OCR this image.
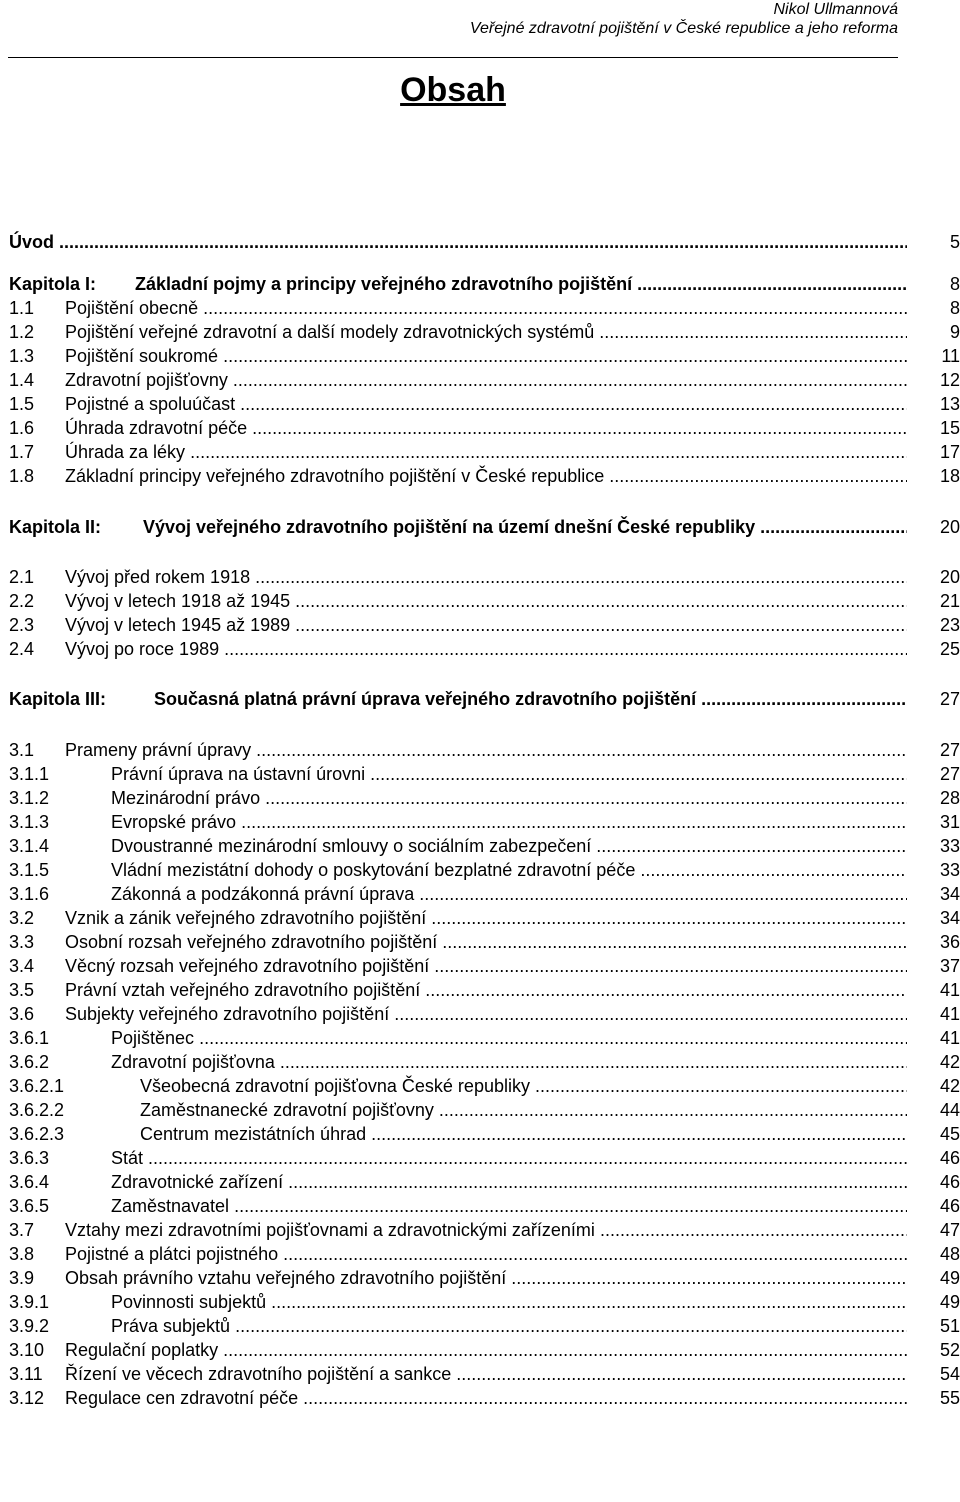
Nikol Ullmannová
Veřejné zdravotní pojištění v České republice a jeho reforma
Obsah
Úvod .....	5
Kapitola I: Základní pojmy a principy veřejného zdravotního pojištění .....	8
1.1 Pojištění obecně .....	8
1.2 Pojištění veřejné zdravotní a další modely zdravotnických systémů .....	9
1.3 Pojištění soukromé .....	11
1.4 Zdravotní pojišťovny .....	12
1.5 Pojistné a spoluúčast .....	13
1.6 Úhrada zdravotní péče .....	15
1.7 Úhrada za léky .....	17
1.8 Základní principy veřejného zdravotního pojištění v České republice .....	18
Kapitola II: Vývoj veřejného zdravotního pojištění na území dnešní České republiky .....	20
2.1 Vývoj před rokem 1918 .....	20
2.2 Vývoj v letech 1918 až 1945 .....	21
2.3 Vývoj v letech 1945 až 1989 .....	23
2.4 Vývoj po roce 1989 .....	25
Kapitola III:	Současná platná právní úprava veřejného zdravotního pojištění .....	27
3.1 Prameny právní úpravy .....	27
3.1.1	Právní úprava na ústavní úrovni .....	27
3.1.2	Mezinárodní právo .....	28
3.1.3	Evropské právo .....	31
3.1.4	Dvoustranné mezinárodní smlouvy o sociálním zabezpečení .....	33
3.1.5	Vládní mezistátní dohody o poskytování bezplatné zdravotní péče .....	33
3.1.6	Zákonná a podzákonná právní úprava .....	34
3.2 Vznik a zánik veřejného zdravotního pojištění .....	34
3.3 Osobní rozsah veřejného zdravotního pojištění .....	36
3.4 Věcný rozsah veřejného zdravotního pojištění .....	37
3.5 Právní vztah veřejného zdravotního pojištění .....	41
3.6 Subjekty veřejného zdravotního pojištění .....	41
3.6.1	Pojištěnec .....	41
3.6.2	Zdravotní pojišťovna .....	42
3.6.2.1	Všeobecná zdravotní pojišťovna České republiky .....	42
3.6.2.2	Zaměstnanecké zdravotní pojišťovny .....	44
3.6.2.3	Centrum mezistátních úhrad .....	45
3.6.3	Stát .....	46
3.6.4	Zdravotnické zařízení .....	46
3.6.5	Zaměstnavatel .....	46
3.7 Vztahy mezi zdravotními pojišťovnami a zdravotnickými zařízeními .....	47
3.8 Pojistné a plátci pojistného .....	48
3.9 Obsah právního vztahu veřejného zdravotního pojištění .....	49
3.9.1	Povinnosti subjektů .....	49
3.9.2	Práva subjektů .....	51
3.10 Regulační poplatky .....	52
3.11 Řízení ve věcech zdravotního pojištění a sankce .....	54
3.12 Regulace cen zdravotní péče .....	55
